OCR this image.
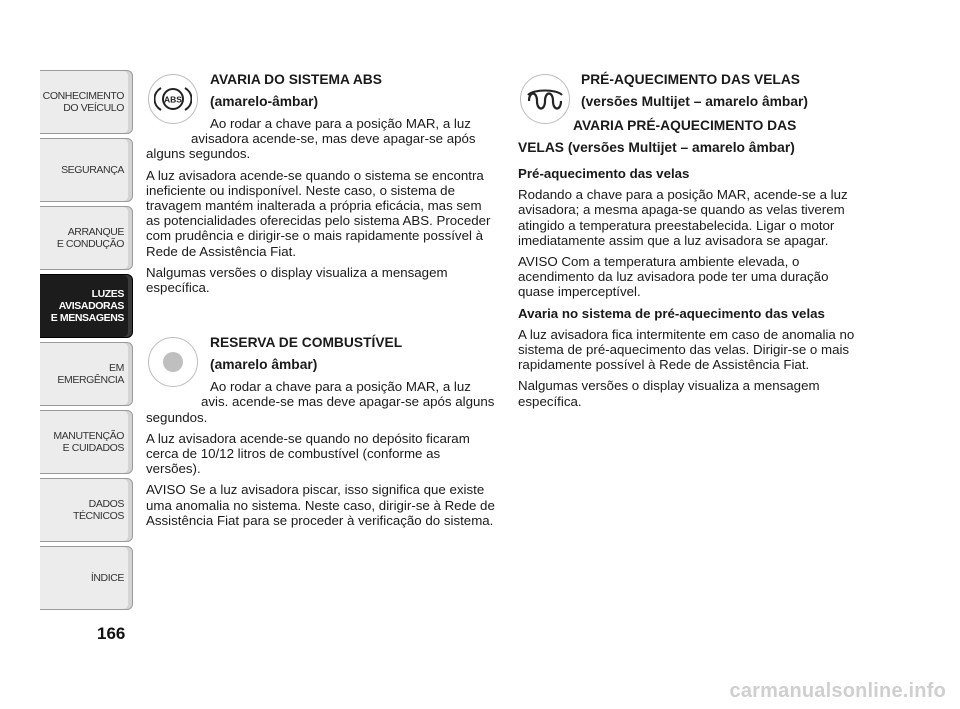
CONHECIMENTO
DO VEÍCULO
SEGURANÇA
ARRANQUE
E CONDUÇÃO
LUZES
AVISADORAS
E MENSAGENS
EM EMERGÊNCIA
MANUTENÇÃO
E CUIDADOS
DADOS
TÉCNICOS
ÍNDICE
166
ABS

AVARIA DO SISTEMA ABS

(amarelo-âmbar)

Ao rodar a chave para a posição MAR, a luz

avisadora acende-se, mas deve apagar-se após

alguns segundos.

A luz avisadora acende-se quando o sistema se encontra ineficiente ou indisponível. Neste caso, o sistema de travagem mantém inalterada a própria eficácia, mas sem as potencialidades oferecidas pelo sistema ABS. Proceder com prudência e dirigir-se o mais rapidamente possível à Rede de Assistência Fiat.

Nalgumas versões o display visualiza a mensagem específica.

RESERVA DE COMBUSTÍVEL

(amarelo âmbar)

Ao rodar a chave para a posição MAR, a luz

avis. acende-se mas deve apagar-se após alguns

segundos.

A luz avisadora acende-se quando no depósito ficaram cerca de 10/12 litros de combustível (conforme as versões).

AVISO Se a luz avisadora piscar, isso significa que existe uma anomalia no sistema. Neste caso, dirigir-se à Rede de Assistência Fiat para se proceder à verificação do sistema.

PRÉ-AQUECIMENTO DAS VELAS

(versões Multijet – amarelo âmbar)

AVARIA PRÉ-AQUECIMENTO DAS

VELAS (versões Multijet – amarelo âmbar)

Pré-aquecimento das velas

Rodando a chave para a posição MAR, acende-se a luz avisadora; a mesma apaga-se quando as velas tiverem atingido a temperatura preestabelecida. Ligar o motor imediatamente assim que a luz avisadora se apagar.

AVISO Com a temperatura ambiente elevada, o acendimento da luz avisadora pode ter uma duração quase imperceptível.

Avaria no sistema de pré-aquecimento das velas

A luz avisadora fica intermitente em caso de anomalia no sistema de pré-aquecimento das velas. Dirigir-se o mais rapidamente possível à Rede de Assistência Fiat.

Nalgumas versões o display visualiza a mensagem específica.

carmanualsonline.info
